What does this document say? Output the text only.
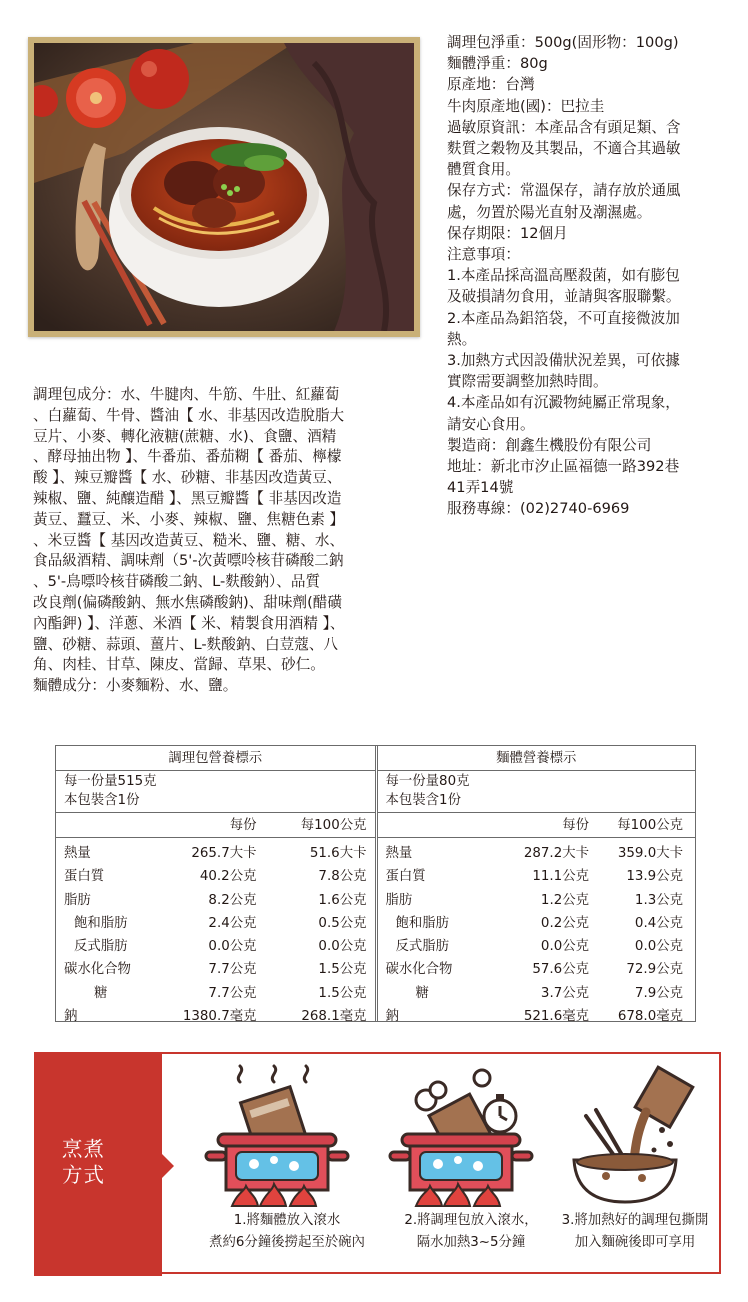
調理包淨重：500g(固形物：100g)

麵體淨重：80g

原產地：台灣

牛肉原產地(國)：巴拉圭

過敏原資訊：本產品含有頭足類、含

麩質之穀物及其製品，不適合其過敏

體質食用。

保存方式：常溫保存，請存放於通風

處，勿置於陽光直射及潮濕處。

保存期限：12個月

注意事項：

1.本產品採高溫高壓殺菌，如有膨包

及破損請勿食用，並請與客服聯繫。

2.本產品為鋁箔袋，不可直接微波加

熱。

3.加熱方式因設備狀況差異，可依據

實際需要調整加熱時間。

4.本產品如有沉澱物純屬正常現象，

請安心食用。

製造商：創鑫生機股份有限公司

地址：新北市汐止區福德一路392巷

41弄14號

服務專線：(02)2740-6969

調理包成分：水、牛腱肉、牛筋、牛肚、紅蘿蔔

、白蘿蔔、牛骨、醬油【 水、非基因改造脫脂大

豆片、小麥、轉化液糖(蔗糖、水)、食鹽、酒精

、酵母抽出物 】、牛番茄、番茄糊【 番茄、檸檬

酸 】、辣豆瓣醬【 水、砂糖、非基因改造黃豆、

辣椒、鹽、純釀造醋 】、黑豆瓣醬【 非基因改造

黃豆、蠶豆、米、小麥、辣椒、鹽、焦糖色素 】

、米豆醬【 基因改造黃豆、糙米、鹽、糖、水、

食品級酒精、調味劑（5'-次黃嘌呤核苷磷酸二鈉

、5'-鳥嘌呤核苷磷酸二鈉、L-麩酸鈉）、品質

改良劑(偏磷酸鈉、無水焦磷酸鈉)、甜味劑(醋磺

內酯鉀) 】、洋蔥、米酒【 米、精製食用酒精 】、

鹽、砂糖、蒜頭、薑片、L-麩酸鈉、白荳蔻、八

角、肉桂、甘草、陳皮、當歸、草果、砂仁。

麵體成分：小麥麵粉、水、鹽。

調理包營養標示
每一份量515克
本包裝含1份
每份	每100公克
熱量	265.7大卡	51.6大卡
蛋白質	40.2公克	7.8公克
脂肪	8.2公克	1.6公克
飽和脂肪	2.4公克	0.5公克
反式脂肪	0.0公克	0.0公克
碳水化合物	7.7公克	1.5公克
糖	7.7公克	1.5公克
鈉	1380.7毫克	268.1毫克
麵體營養標示
每一份量80克
本包裝含1份
每份 每100公克
熱量	287.2大卡 359.0大卡
蛋白質	11.1公克	13.9公克
脂肪	1.2公克	1.3公克
飽和脂肪	0.2公克	0.4公克
反式脂肪	0.0公克	0.0公克
碳水化合物	57.6公克	72.9公克
糖	3.7公克	7.9公克
鈉	521.6毫克 678.0毫克
烹煮
方式
1.將麵體放入滾水
煮約6分鐘後撈起至於碗內
2.將調理包放入滾水，
隔水加熱3~5分鐘
3.將加熱好的調理包撕開
加入麵碗後即可享用
